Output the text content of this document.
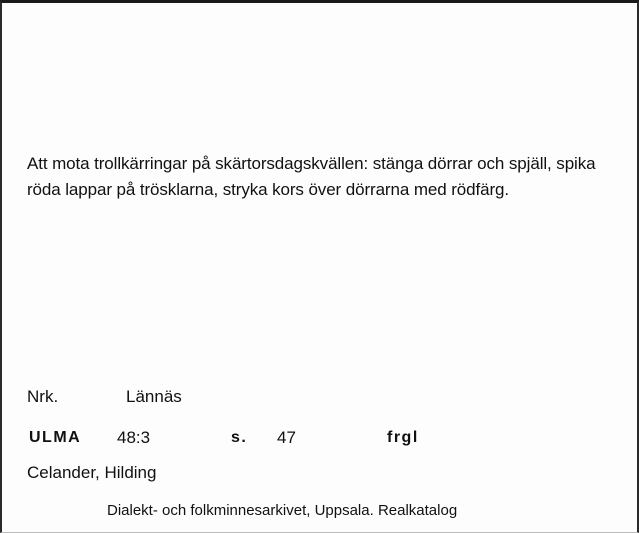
Att mota trollkärringar på skärtorsdagskvällen: stänga dörrar och spjäll, spika röda lappar på trösklarna, stryka kors över dörrarna med rödfärg.

Nrk.	Lännäs
ULMA 48:3	s. 47	frgl
Celander, Hilding
Dialekt- och folkminnesarkivet, Uppsala. Realkatalog
